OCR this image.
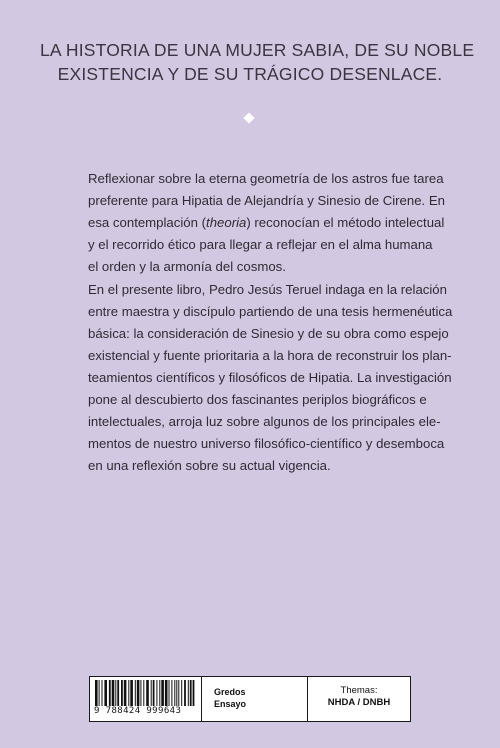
LA HISTORIA DE UNA MUJER SABIA, DE SU NOBLE
EXISTENCIA Y DE SU TRÁGICO DESENLACE.
Reflexionar sobre la eterna geometría de los astros fue tarea
preferente para Hipatia de Alejandría y Sinesio de Cirene. En
esa contemplación (theoria) reconocían el método intelectual
y el recorrido ético para llegar a reflejar en el alma humana
el orden y la armonía del cosmos.
En el presente libro, Pedro Jesús Teruel indaga en la relación
entre maestra y discípulo partiendo de una tesis hermenéutica
básica: la consideración de Sinesio y de su obra como espejo
existencial y fuente prioritaria a la hora de reconstruir los plan-
teamientos científicos y filosóficos de Hipatia. La investigación
pone al descubierto dos fascinantes periplos biográficos e
intelectuales, arroja luz sobre algunos de los principales ele-
mentos de nuestro universo filosófico-científico y desemboca
en una reflexión sobre su actual vigencia.
9 788424 999643
Gredos
Ensayo
Themas:
NHDA / DNBH
